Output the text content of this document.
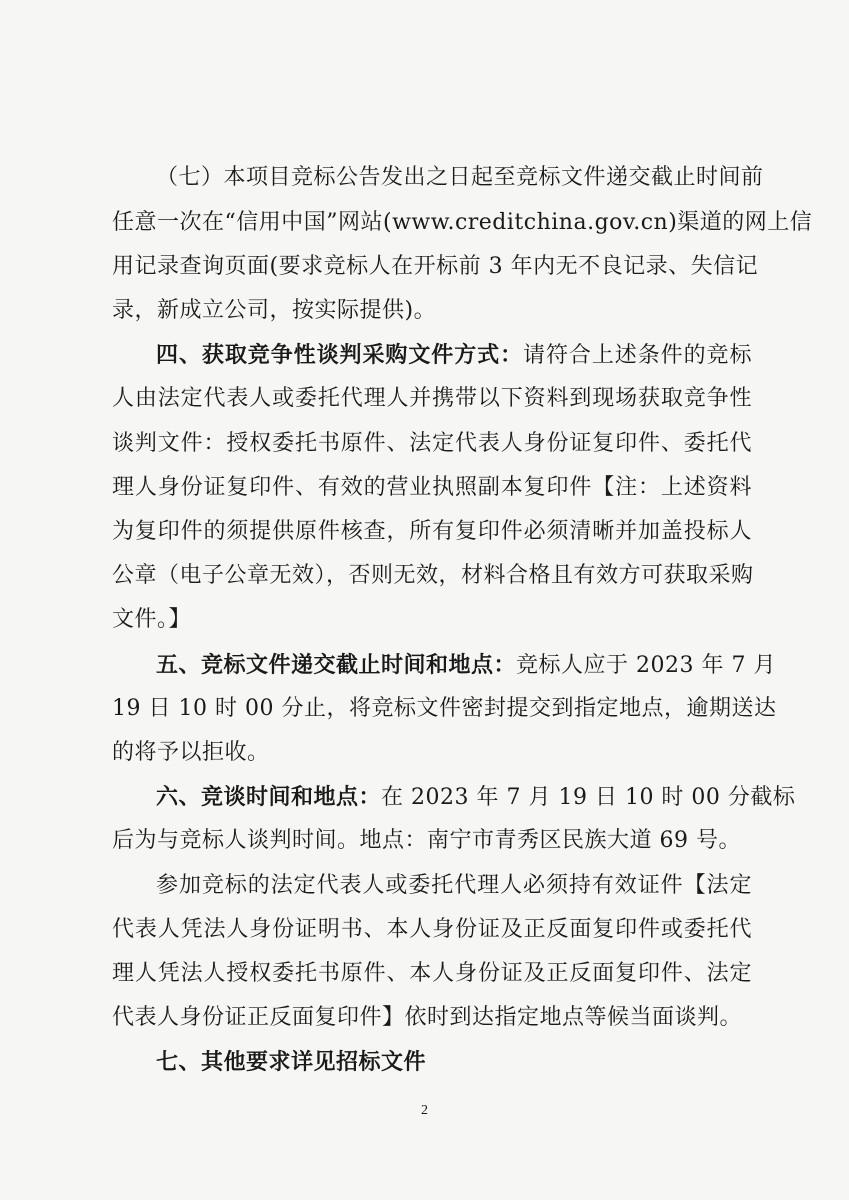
（七）本项目竞标公告发出之日起至竞标文件递交截止时间前
任意一次在“信用中国”网站(www.creditchina.gov.cn)渠道的网上信
用记录查询页面(要求竞标人在开标前 3 年内无不良记录、失信记
录，新成立公司，按实际提供)。
四、获取竞争性谈判采购文件方式：请符合上述条件的竞标
人由法定代表人或委托代理人并携带以下资料到现场获取竞争性
谈判文件：授权委托书原件、法定代表人身份证复印件、委托代
理人身份证复印件、有效的营业执照副本复印件【注：上述资料
为复印件的须提供原件核查，所有复印件必须清晰并加盖投标人
公章（电子公章无效），否则无效，材料合格且有效方可获取采购
文件。】
五、竞标文件递交截止时间和地点：竞标人应于 2023 年 7 月
19 日 10 时 00 分止，将竞标文件密封提交到指定地点，逾期送达
的将予以拒收。
六、竞谈时间和地点：在 2023 年 7 月 19 日 10 时 00 分截标
后为与竞标人谈判时间。地点：南宁市青秀区民族大道 69 号。
参加竞标的法定代表人或委托代理人必须持有效证件【法定
代表人凭法人身份证明书、本人身份证及正反面复印件或委托代
理人凭法人授权委托书原件、本人身份证及正反面复印件、法定
代表人身份证正反面复印件】依时到达指定地点等候当面谈判。
七、其他要求详见招标文件
2
